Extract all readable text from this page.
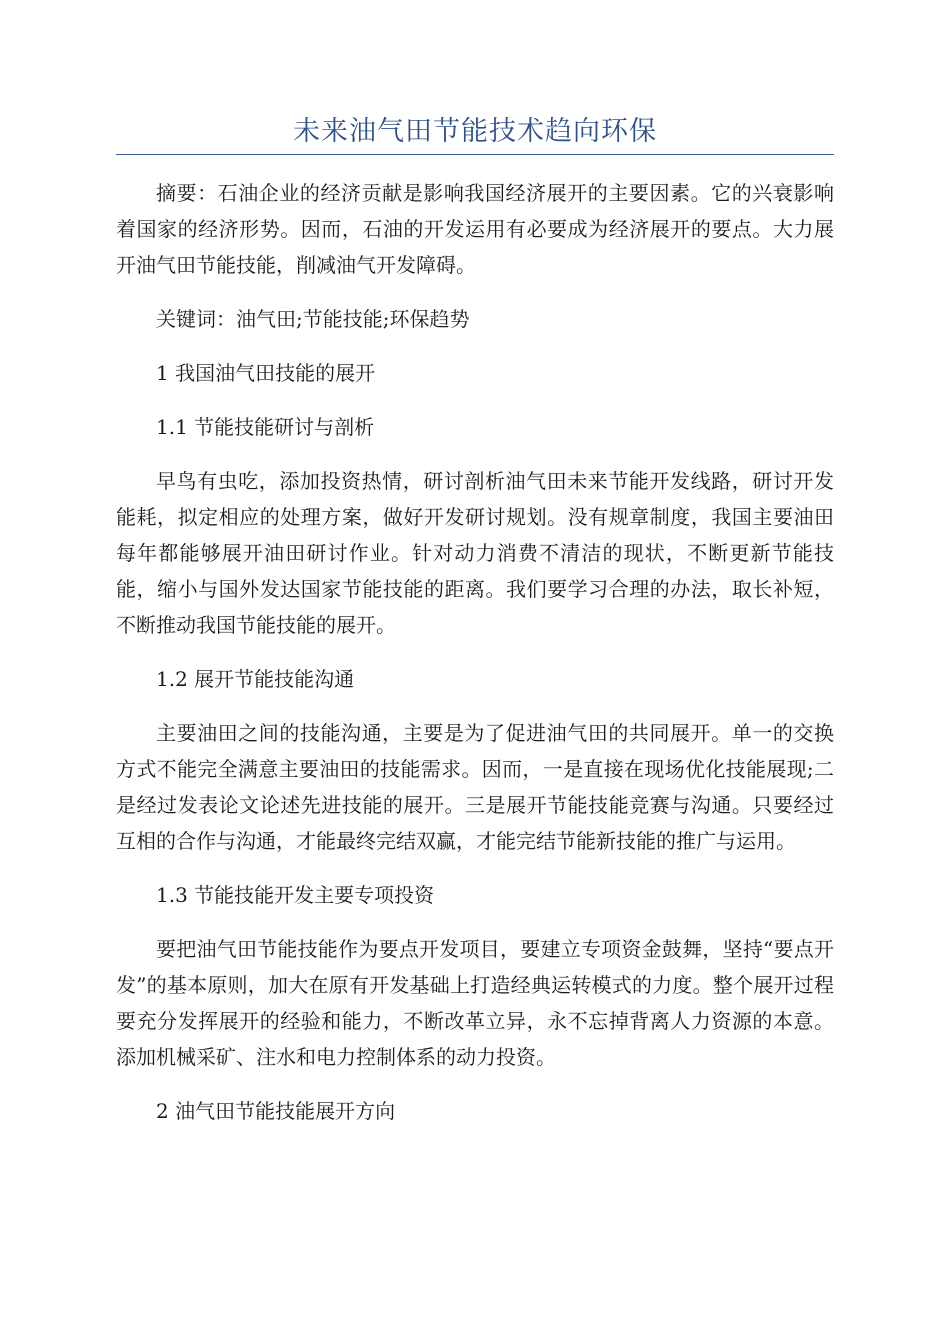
未来油气田节能技术趋向环保

摘要：石油企业的经济贡献是影响我国经济展开的主要因素。它的兴衰影响着国家的经济形势。因而，石油的开发运用有必要成为经济展开的要点。大力展开油气田节能技能，削减油气开发障碍。

关键词：油气田;节能技能;环保趋势

1 我国油气田技能的展开

1.1 节能技能研讨与剖析

早鸟有虫吃，添加投资热情，研讨剖析油气田未来节能开发线路，研讨开发能耗，拟定相应的处理方案，做好开发研讨规划。没有规章制度，我国主要油田每年都能够展开油田研讨作业。针对动力消费不清洁的现状，不断更新节能技能，缩小与国外发达国家节能技能的距离。我们要学习合理的办法，取长补短，不断推动我国节能技能的展开。

1.2 展开节能技能沟通

主要油田之间的技能沟通，主要是为了促进油气田的共同展开。单一的交换方式不能完全满意主要油田的技能需求。因而，一是直接在现场优化技能展现;二是经过发表论文论述先进技能的展开。三是展开节能技能竞赛与沟通。只要经过互相的合作与沟通，才能最终完结双赢，才能完结节能新技能的推广与运用。

1.3 节能技能开发主要专项投资

要把油气田节能技能作为要点开发项目，要建立专项资金鼓舞，坚持“要点开发”的基本原则，加大在原有开发基础上打造经典运转模式的力度。整个展开过程要充分发挥展开的经验和能力，不断改革立异，永不忘掉背离人力资源的本意。添加机械采矿、注水和电力控制体系的动力投资。

2 油气田节能技能展开方向
